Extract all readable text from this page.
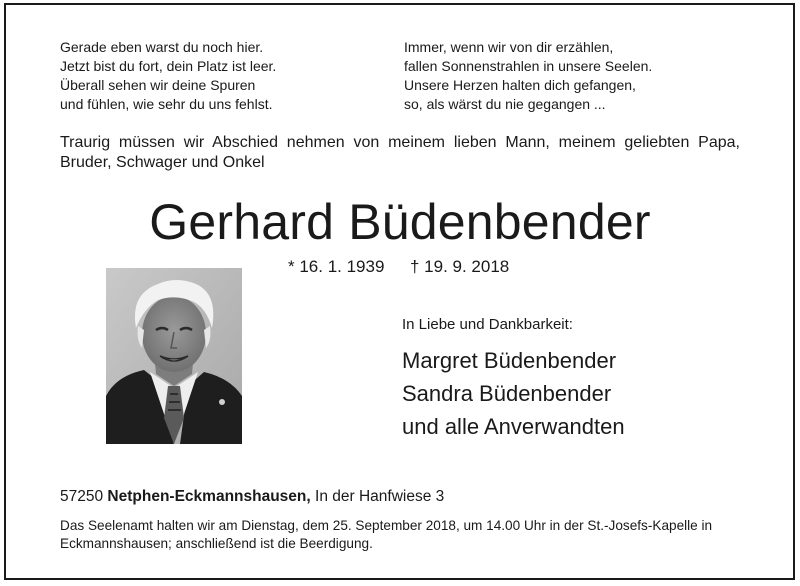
Gerade eben warst du noch hier.
Jetzt bist du fort, dein Platz ist leer.
Überall sehen wir deine Spuren
und fühlen, wie sehr du uns fehlst.
Immer, wenn wir von dir erzählen,
fallen Sonnenstrahlen in unsere Seelen.
Unsere Herzen halten dich gefangen,
so, als wärst du nie gegangen ...
Traurig müssen wir Abschied nehmen von meinem lieben Mann, meinem geliebten Papa, Bruder, Schwager und Onkel
Gerhard Büdenbender
* 16. 1. 1939 † 19. 9. 2018
In Liebe und Dankbarkeit:
Margret Büdenbender
Sandra Büdenbender
und alle Anverwandten
57250 Netphen-Eckmannshausen, In der Hanfwiese 3
Das Seelenamt halten wir am Dienstag, dem 25. September 2018, um 14.00 Uhr in der St.-Josefs-Kapelle in Eckmannshausen; anschließend ist die Beerdigung.
